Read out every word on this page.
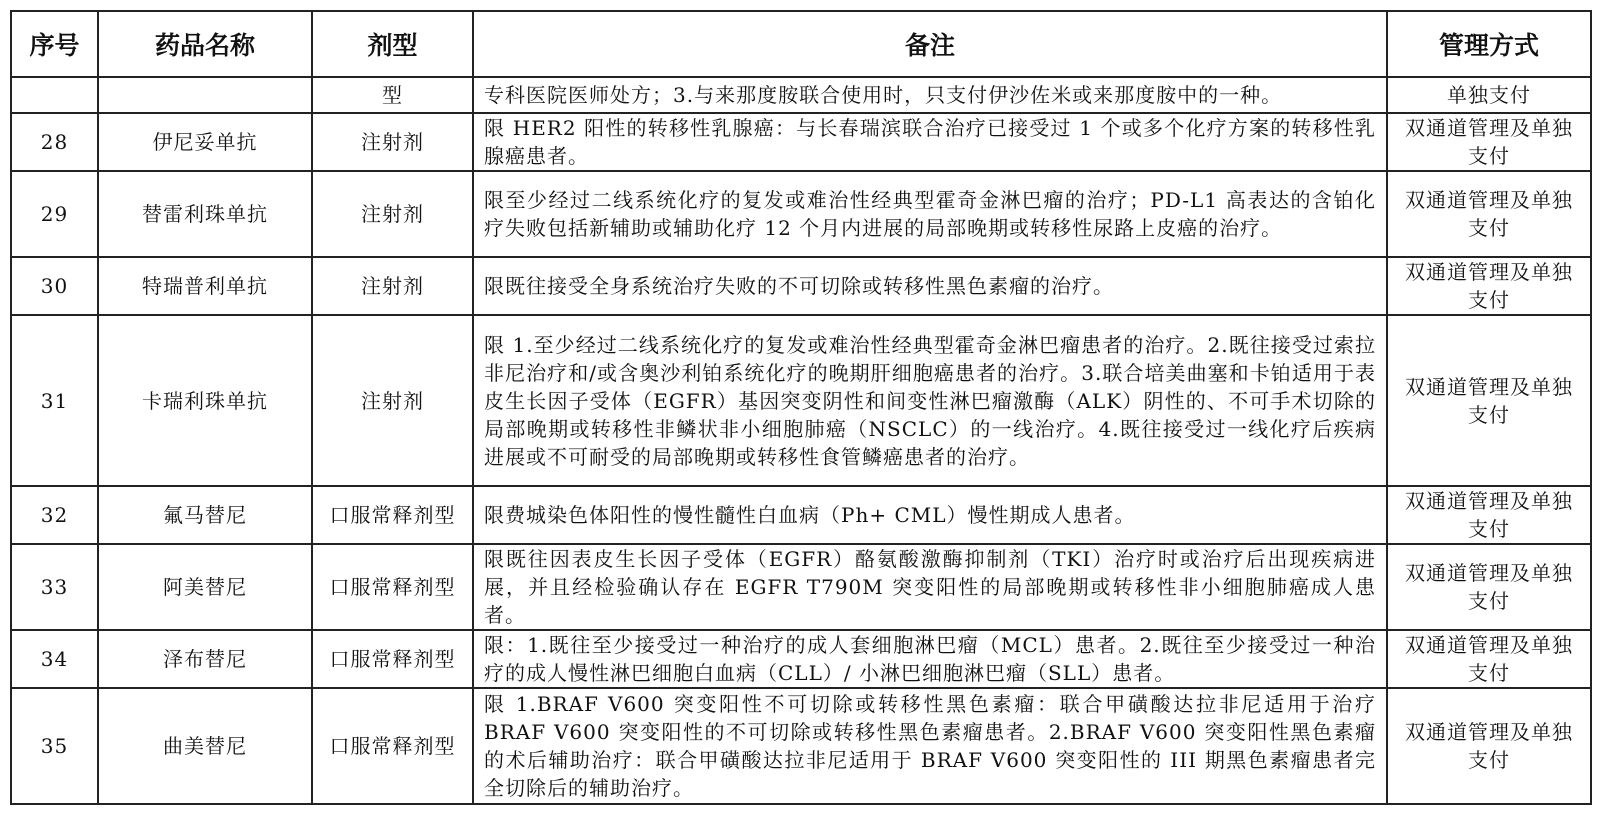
序号	药品名称	剂型	备注	管理方式
		型	专科医院医师处方；3.与来那度胺联合使用时，只支付伊沙佐米或来那度胺中的一种。	单独支付
28	伊尼妥单抗	注射剂	限 HER2 阳性的转移性乳腺癌：与长春瑞滨联合治疗已接受过 1 个或多个化疗方案的转移性乳腺癌患者。	双通道管理及单独支付
29	替雷利珠单抗	注射剂	限至少经过二线系统化疗的复发或难治性经典型霍奇金淋巴瘤的治疗；PD-L1 高表达的含铂化疗失败包括新辅助或辅助化疗 12 个月内进展的局部晚期或转移性尿路上皮癌的治疗。	双通道管理及单独支付
30	特瑞普利单抗	注射剂	限既往接受全身系统治疗失败的不可切除或转移性黑色素瘤的治疗。	双通道管理及单独支付
31	卡瑞利珠单抗	注射剂	限 1.至少经过二线系统化疗的复发或难治性经典型霍奇金淋巴瘤患者的治疗。2.既往接受过索拉非尼治疗和/或含奥沙利铂系统化疗的晚期肝细胞癌患者的治疗。3.联合培美曲塞和卡铂适用于表皮生长因子受体（EGFR）基因突变阴性和间变性淋巴瘤激酶（ALK）阴性的、不可手术切除的局部晚期或转移性非鳞状非小细胞肺癌（NSCLC）的一线治疗。4.既往接受过一线化疗后疾病进展或不可耐受的局部晚期或转移性食管鳞癌患者的治疗。	双通道管理及单独支付
32	氟马替尼	口服常释剂型	限费城染色体阳性的慢性髓性白血病（Ph+ CML）慢性期成人患者。	双通道管理及单独支付
33	阿美替尼	口服常释剂型	限既往因表皮生长因子受体（EGFR）酪氨酸激酶抑制剂（TKI）治疗时或治疗后出现疾病进展，并且经检验确认存在 EGFR T790M 突变阳性的局部晚期或转移性非小细胞肺癌成人患者。	双通道管理及单独支付
34	泽布替尼	口服常释剂型	限：1.既往至少接受过一种治疗的成人套细胞淋巴瘤（MCL）患者。2.既往至少接受过一种治疗的成人慢性淋巴细胞白血病（CLL）/ 小淋巴细胞淋巴瘤（SLL）患者。	双通道管理及单独支付
35	曲美替尼	口服常释剂型	限 1.BRAF V600 突变阳性不可切除或转移性黑色素瘤：联合甲磺酸达拉非尼适用于治疗 BRAF V600 突变阳性的不可切除或转移性黑色素瘤患者。2.BRAF V600 突变阳性黑色素瘤的术后辅助治疗：联合甲磺酸达拉非尼适用于 BRAF V600 突变阳性的 III 期黑色素瘤患者完全切除后的辅助治疗。	双通道管理及单独支付
